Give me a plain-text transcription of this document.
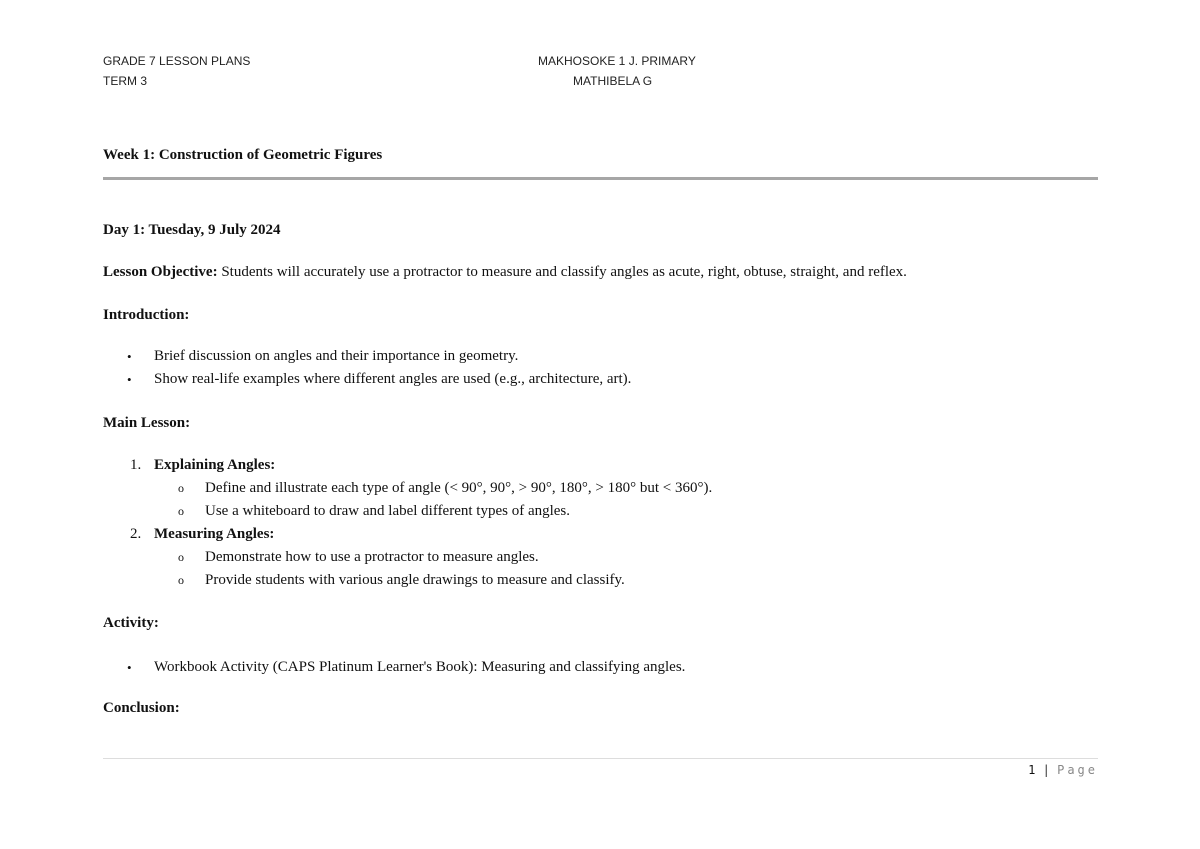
GRADE 7 LESSON PLANS
TERM 3
MAKHOSOKE 1 J. PRIMARY
MATHIBELA G
Week 1: Construction of Geometric Figures
Day 1: Tuesday, 9 July 2024
Lesson Objective: Students will accurately use a protractor to measure and classify angles as acute, right, obtuse, straight, and reflex.
Introduction:
• Brief discussion on angles and their importance in geometry.
• Show real-life examples where different angles are used (e.g., architecture, art).
Main Lesson:
1. Explaining Angles:
o Define and illustrate each type of angle (< 90°, 90°, > 90°, 180°, > 180° but < 360°).
o Use a whiteboard to draw and label different types of angles.
2. Measuring Angles:
o Demonstrate how to use a protractor to measure angles.
o Provide students with various angle drawings to measure and classify.
Activity:
• Workbook Activity (CAPS Platinum Learner's Book): Measuring and classifying angles.
Conclusion:
1 | Page
